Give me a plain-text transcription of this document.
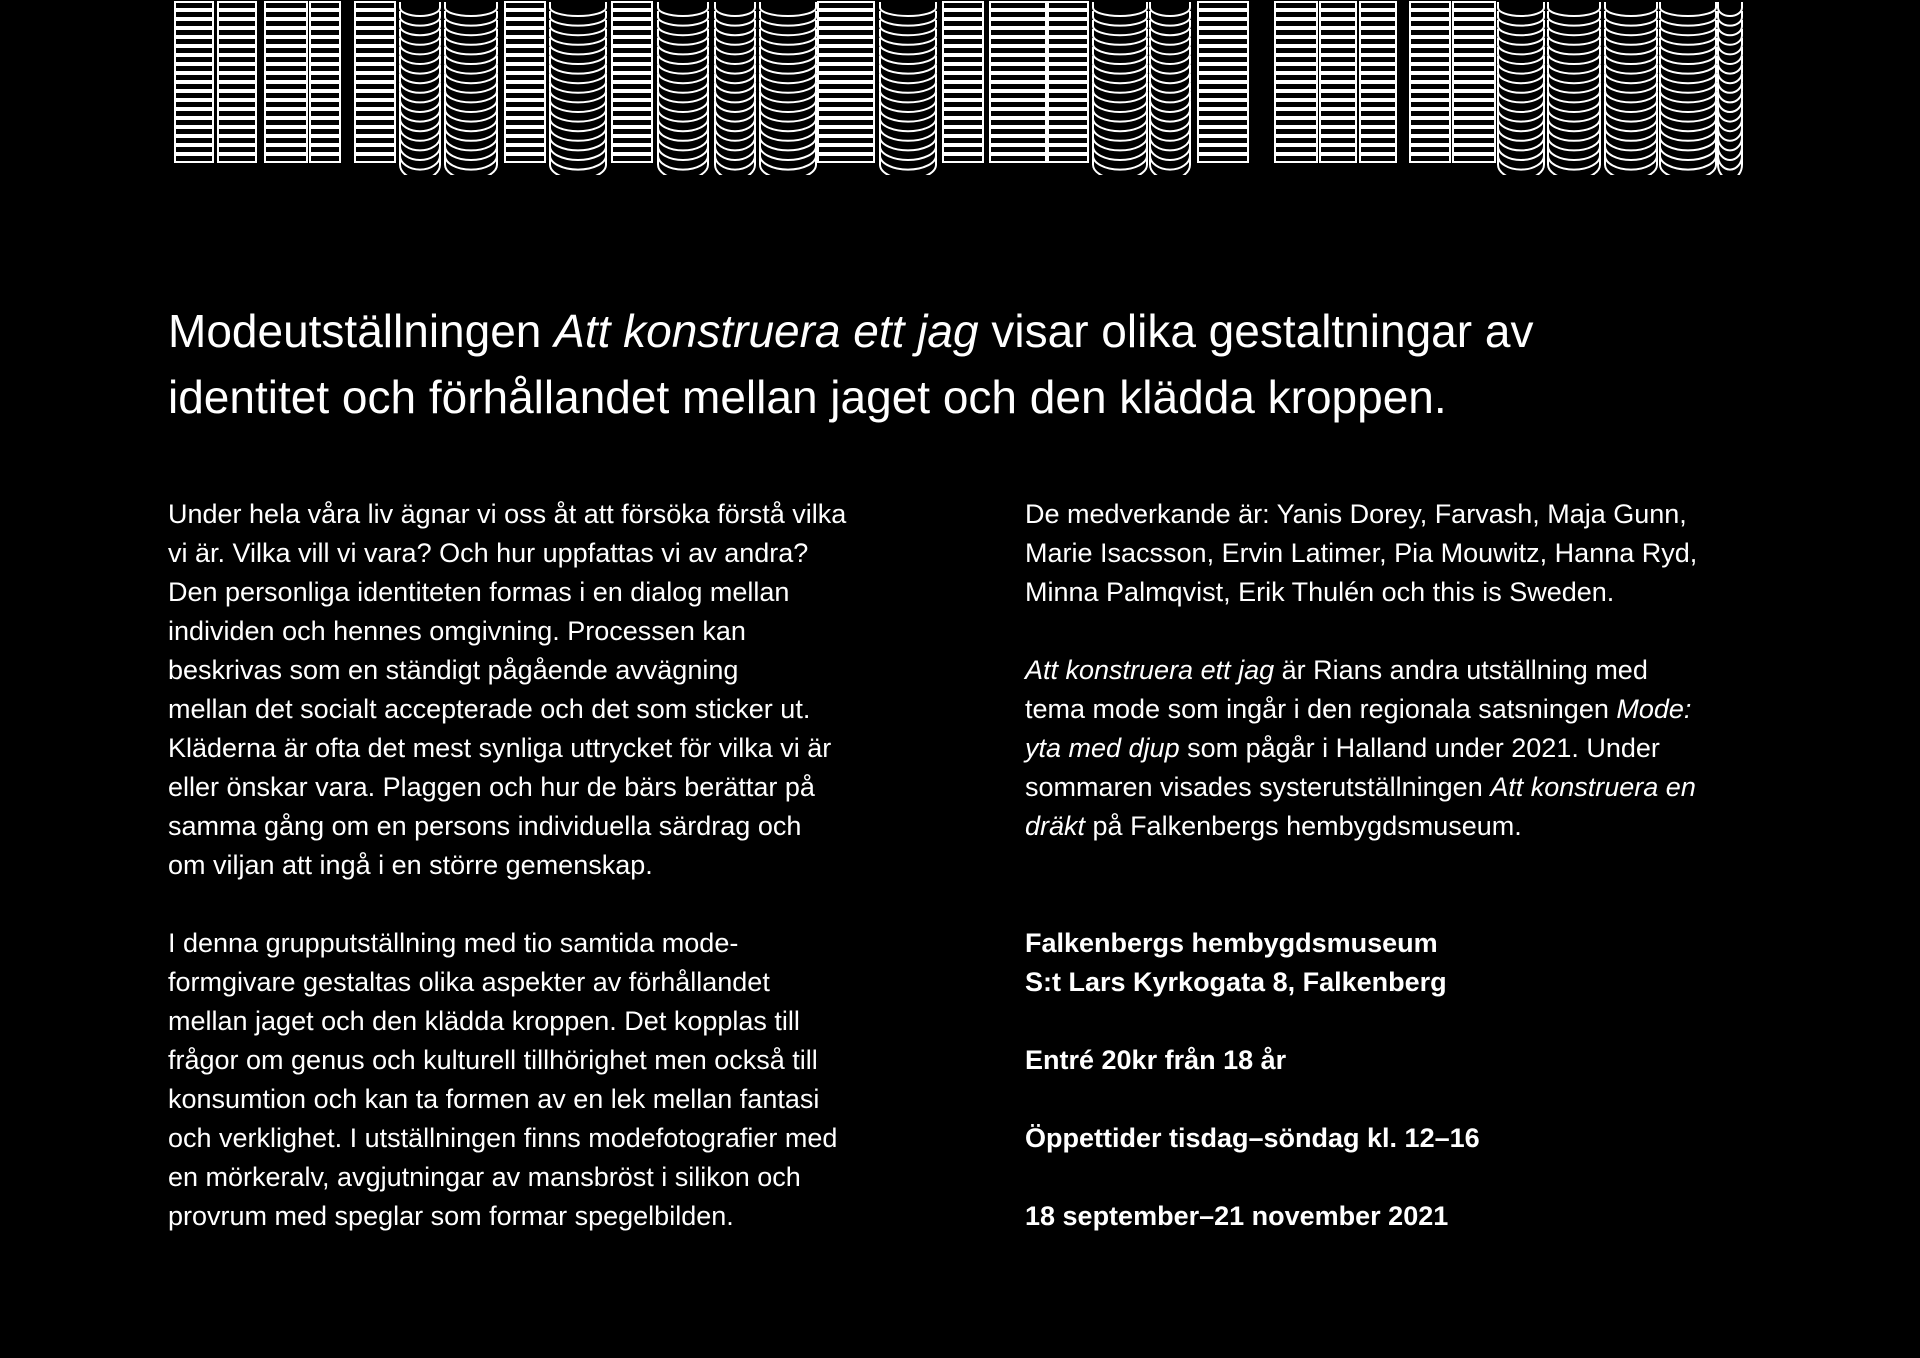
Modeutställningen Att konstruera ett jag visar olika gestaltningar av
identitet och förhållandet mellan jaget och den klädda kroppen.

Under hela våra liv ägnar vi oss åt att försöka förstå vilka
vi är. Vilka vill vi vara? Och hur uppfattas vi av andra?
Den personliga identiteten formas i en dialog mellan
individen och hennes omgivning. Processen kan
beskrivas som en ständigt pågående avvägning
mellan det socialt accepterade och det som sticker ut.
Kläderna är ofta det mest synliga uttrycket för vilka vi är
eller önskar vara. Plaggen och hur de bärs berättar på
samma gång om en persons individuella särdrag och
om viljan att ingå i en större gemenskap.

I denna grupputställning med tio samtida mode-
formgivare gestaltas olika aspekter av förhållandet
mellan jaget och den klädda kroppen. Det kopplas till
frågor om genus och kulturell tillhörighet men också till
konsumtion och kan ta formen av en lek mellan fantasi
och verklighet. I utställningen finns modefotografier med
en mörkeralv, avgjutningar av mansbröst i silikon och
provrum med speglar som formar spegelbilden.

De medverkande är: Yanis Dorey, Farvash, Maja Gunn,
Marie Isacsson, Ervin Latimer, Pia Mouwitz, Hanna Ryd,
Minna Palmqvist, Erik Thulén och this is Sweden.

Att konstruera ett jag är Rians andra utställning med
tema mode som ingår i den regionala satsningen Mode:
yta med djup som pågår i Halland under 2021. Under
sommaren visades systerutställningen Att konstruera en
dräkt på Falkenbergs hembygdsmuseum.

Falkenbergs hembygdsmuseum
S:t Lars Kyrkogata 8, Falkenberg

Entré 20kr från 18 år

Öppettider tisdag–söndag kl. 12–16

18 september–21 november 2021
